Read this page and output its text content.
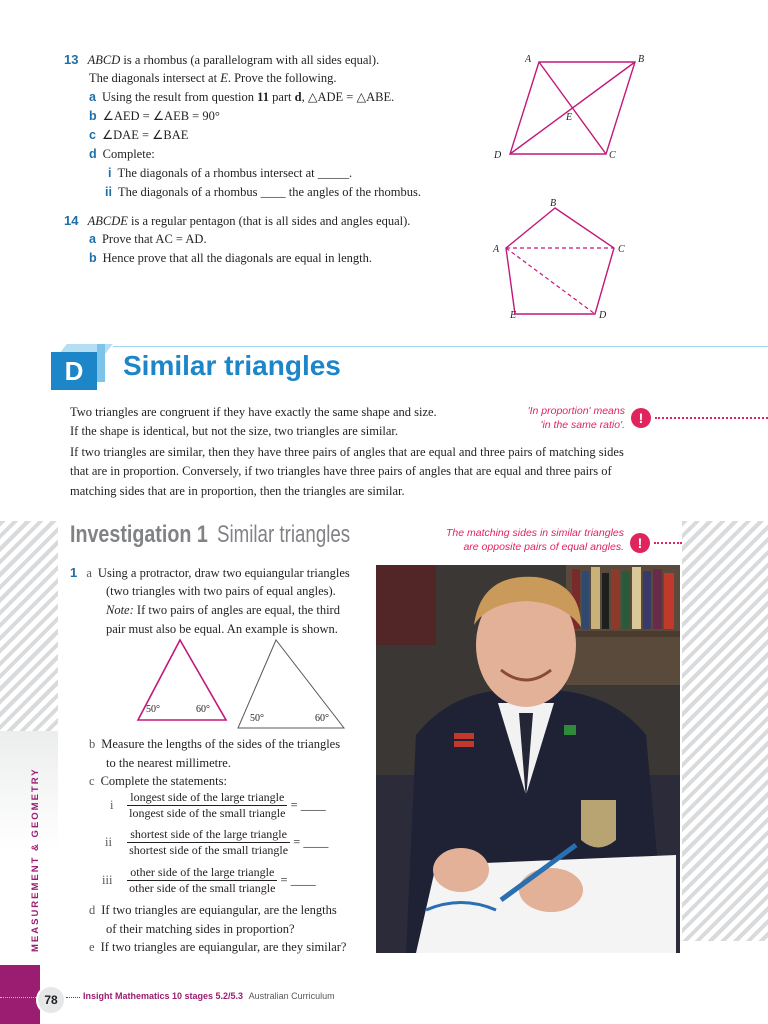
13 ABCD is a rhombus (a parallelogram with all sides equal).
The diagonals intersect at E. Prove the following.
a Using the result from question 11 part d, △ADE = △ABE.
b ∠AED = ∠AEB = 90°
c ∠DAE = ∠BAE
d Complete:
i The diagonals of a rhombus intersect at _____.
ii The diagonals of a rhombus ____ the angles of the rhombus.
A	B
E
D	C
14 ABCDE is a regular pentagon (that is all sides and angles equal).
a Prove that AC = AD.
b Hence prove that all the diagonals are equal in length.
B
A	C
E	D
D	Similar triangles
Two triangles are congruent if they have exactly the same shape and size.
If the shape is identical, but not the size, two triangles are similar.
If two triangles are similar, then they have three pairs of angles that are equal and three pairs of matching sides
that are in proportion. Conversely, if two triangles have three pairs of angles that are equal and three pairs of
matching sides that are in proportion, then the triangles are similar.
'In proportion' means
'in the same ratio'. !
Investigation 1 Similar triangles	The matching sides in similar triangles
are opposite pairs of equal angles. !
1 a Using a protractor, draw two equiangular triangles
(two triangles with two pairs of equal angles).
Note: If two pairs of angles are equal, the third
pair must also be equal. An example is shown.
50°	60°
50°	60°
b Measure the lengths of the sides of the triangles
to the nearest millimetre.
c Complete the statements:
i $\frac{\text{longest side of the large triangle}}{\text{longest side of the small triangle}}$ = ____
ii $\frac{\text{shortest side of the large triangle}}{\text{shortest side of the small triangle}}$ = ____
iii $\frac{\text{other side of the large triangle}}{\text{other side of the small triangle}}$ = ____
d If two triangles are equiangular, are the lengths
of their matching sides in proportion?
e If two triangles are equiangular, are they similar?
MEASUREMENT & GEOMETRY
78	Insight Mathematics 10 stages 5.2/5.3 Australian Curriculum
